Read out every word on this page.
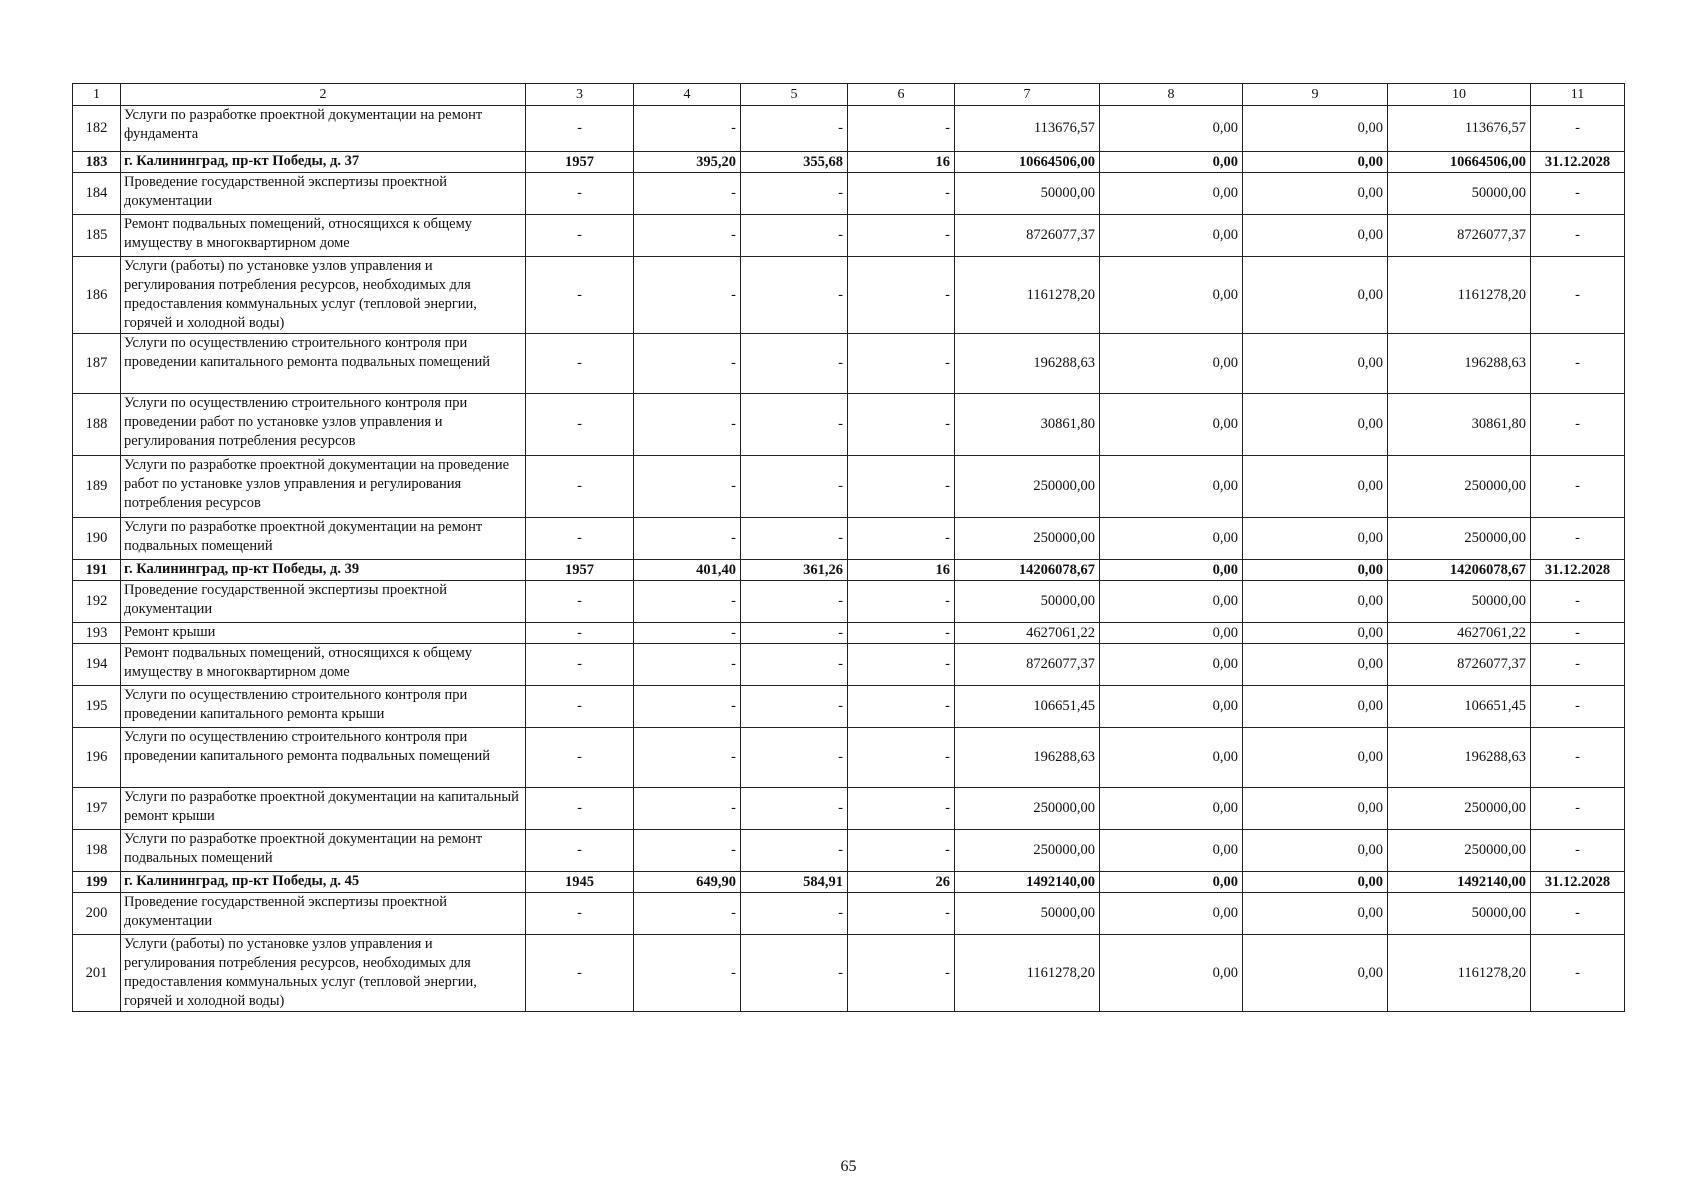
1	2	3	4	5	6	7	8	9	10	11
182	Услуги по разработке проектной документации на ремонт фундамента	-	-	-	-	113676,57	0,00	0,00	113676,57	-
183	г. Калининград, пр-кт Победы, д. 37	1957	395,20	355,68	16	10664506,00	0,00	0,00	10664506,00	31.12.2028
184	Проведение государственной экспертизы проектной документации	-	-	-	-	50000,00	0,00	0,00	50000,00	-
185	Ремонт подвальных помещений, относящихся к общему имуществу в многоквартирном доме	-	-	-	-	8726077,37	0,00	0,00	8726077,37	-
186	Услуги (работы) по установке узлов управления и регулирования потребления ресурсов, необходимых для предоставления коммунальных услуг (тепловой энергии, горячей и холодной воды)	-	-	-	-	1161278,20	0,00	0,00	1161278,20	-
187	Услуги по осуществлению строительного контроля при проведении капитального ремонта подвальных помещений	-	-	-	-	196288,63	0,00	0,00	196288,63	-
188	Услуги по осуществлению строительного контроля при проведении работ по установке узлов управления и регулирования потребления ресурсов	-	-	-	-	30861,80	0,00	0,00	30861,80	-
189	Услуги по разработке проектной документации на проведение работ по установке узлов управления и регулирования потребления ресурсов	-	-	-	-	250000,00	0,00	0,00	250000,00	-
190	Услуги по разработке проектной документации на ремонт подвальных помещений	-	-	-	-	250000,00	0,00	0,00	250000,00	-
191	г. Калининград, пр-кт Победы, д. 39	1957	401,40	361,26	16	14206078,67	0,00	0,00	14206078,67	31.12.2028
192	Проведение государственной экспертизы проектной документации	-	-	-	-	50000,00	0,00	0,00	50000,00	-
193	Ремонт крыши	-	-	-	-	4627061,22	0,00	0,00	4627061,22	-
194	Ремонт подвальных помещений, относящихся к общему имуществу в многоквартирном доме	-	-	-	-	8726077,37	0,00	0,00	8726077,37	-
195	Услуги по осуществлению строительного контроля при проведении капитального ремонта крыши	-	-	-	-	106651,45	0,00	0,00	106651,45	-
196	Услуги по осуществлению строительного контроля при проведении капитального ремонта подвальных помещений	-	-	-	-	196288,63	0,00	0,00	196288,63	-
197	Услуги по разработке проектной документации на капитальный ремонт крыши	-	-	-	-	250000,00	0,00	0,00	250000,00	-
198	Услуги по разработке проектной документации на ремонт подвальных помещений	-	-	-	-	250000,00	0,00	0,00	250000,00	-
199	г. Калининград, пр-кт Победы, д. 45	1945	649,90	584,91	26	1492140,00	0,00	0,00	1492140,00	31.12.2028
200	Проведение государственной экспертизы проектной документации	-	-	-	-	50000,00	0,00	0,00	50000,00	-
201	Услуги (работы) по установке узлов управления и регулирования потребления ресурсов, необходимых для предоставления коммунальных услуг (тепловой энергии, горячей и холодной воды)	-	-	-	-	1161278,20	0,00	0,00	1161278,20	-
65
